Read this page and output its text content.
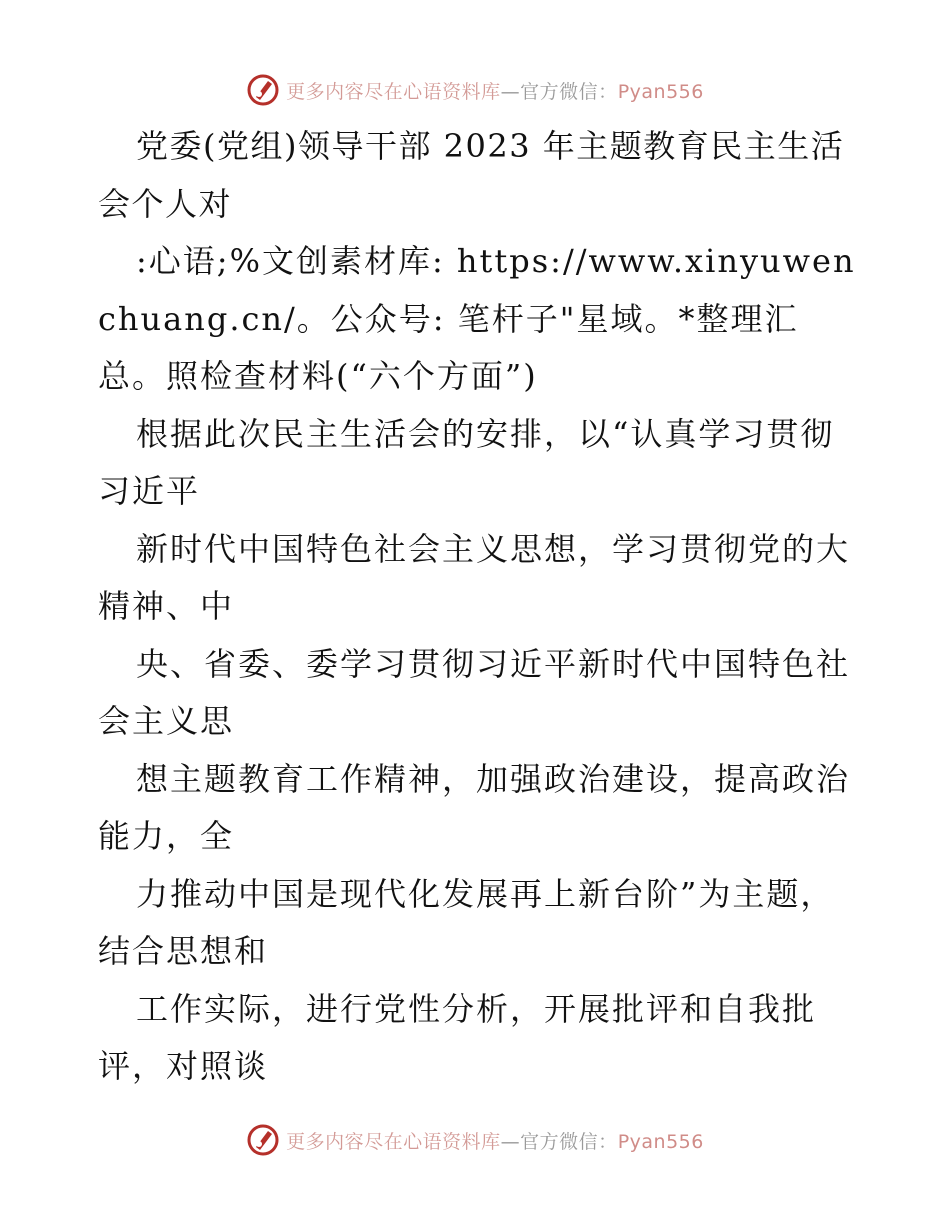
更多内容尽在心语资料库—官方微信：Pyan556

党委(党组)领导干部 2023 年主题教育民主生活会个人对

:心语;%文创素材库: https://www.xinyuwenchuang.cn/。公众号: 笔杆子"星域。*整理汇总。照检查材料(“六个方面”)

根据此次民主生活会的安排，以“认真学习贯彻习近平

新时代中国特色社会主义思想，学习贯彻党的大精神、中

央、省委、委学习贯彻习近平新时代中国特色社会主义思

想主题教育工作精神，加强政治建设，提高政治能力，全

力推动中国是现代化发展再上新台阶”为主题，结合思想和

工作实际，进行党性分析，开展批评和自我批评，对照谈

更多内容尽在心语资料库—官方微信：Pyan556
